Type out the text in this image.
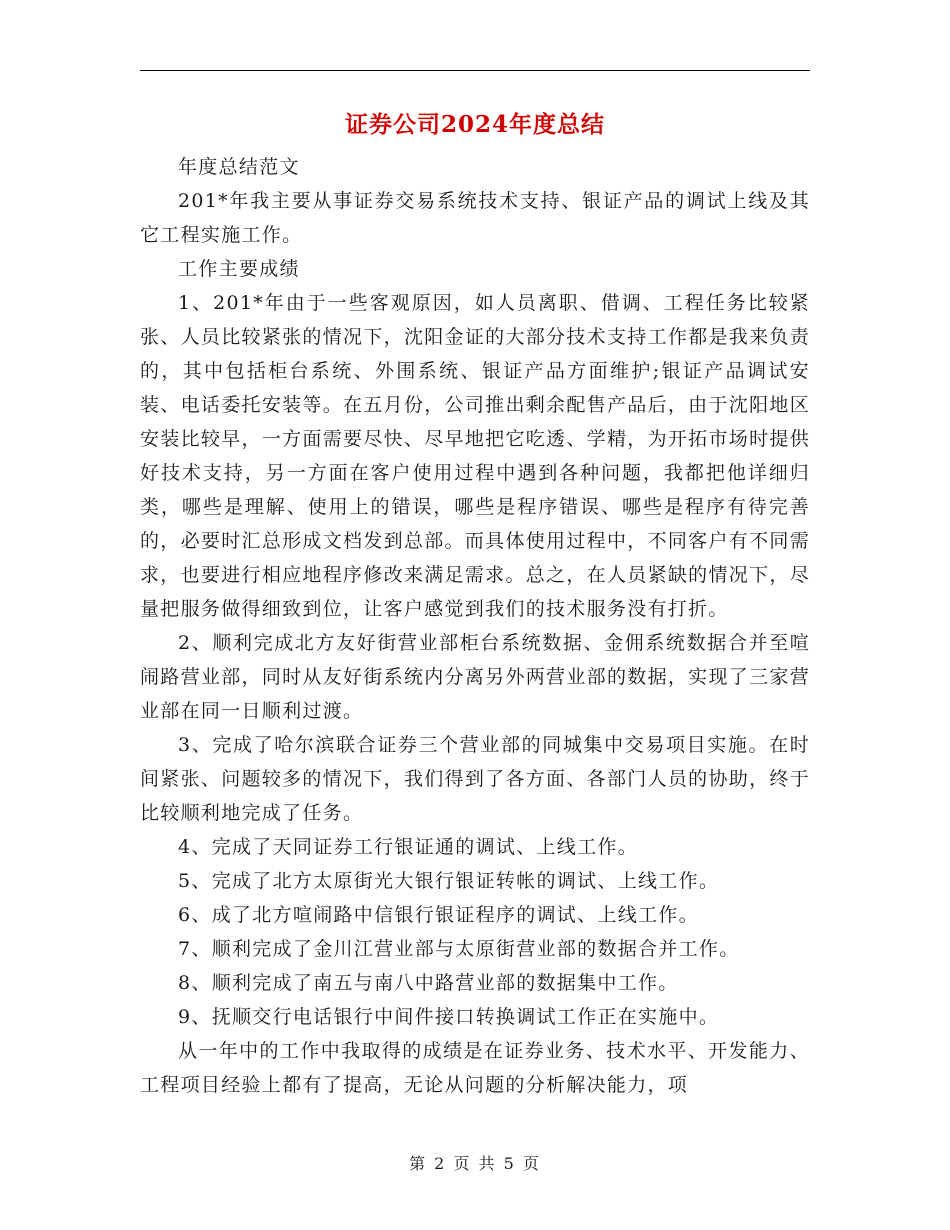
证券公司2024年度总结

年度总结范文

201*年我主要从事证券交易系统技术支持、银证产品的调试上线及其它工程实施工作。

工作主要成绩

1、201*年由于一些客观原因，如人员离职、借调、工程任务比较紧张、人员比较紧张的情况下，沈阳金证的大部分技术支持工作都是我来负责的，其中包括柜台系统、外围系统、银证产品方面维护;银证产品调试安装、电话委托安装等。在五月份，公司推出剩余配售产品后，由于沈阳地区安装比较早，一方面需要尽快、尽早地把它吃透、学精，为开拓市场时提供好技术支持，另一方面在客户使用过程中遇到各种问题，我都把他详细归类，哪些是理解、使用上的错误，哪些是程序错误、哪些是程序有待完善的，必要时汇总形成文档发到总部。而具体使用过程中，不同客户有不同需求，也要进行相应地程序修改来满足需求。总之，在人员紧缺的情况下，尽量把服务做得细致到位，让客户感觉到我们的技术服务没有打折。

2、顺利完成北方友好街营业部柜台系统数据、金佣系统数据合并至喧闹路营业部，同时从友好街系统内分离另外两营业部的数据，实现了三家营业部在同一日顺利过渡。

3、完成了哈尔滨联合证券三个营业部的同城集中交易项目实施。在时间紧张、问题较多的情况下，我们得到了各方面、各部门人员的协助，终于比较顺利地完成了任务。

4、完成了天同证券工行银证通的调试、上线工作。

5、完成了北方太原街光大银行银证转帐的调试、上线工作。

6、成了北方喧闹路中信银行银证程序的调试、上线工作。

7、顺利完成了金川江营业部与太原街营业部的数据合并工作。

8、顺利完成了南五与南八中路营业部的数据集中工作。

9、抚顺交行电话银行中间件接口转换调试工作正在实施中。

从一年中的工作中我取得的成绩是在证券业务、技术水平、开发能力、工程项目经验上都有了提高，无论从问题的分析解决能力，项

第 2 页 共 5 页
